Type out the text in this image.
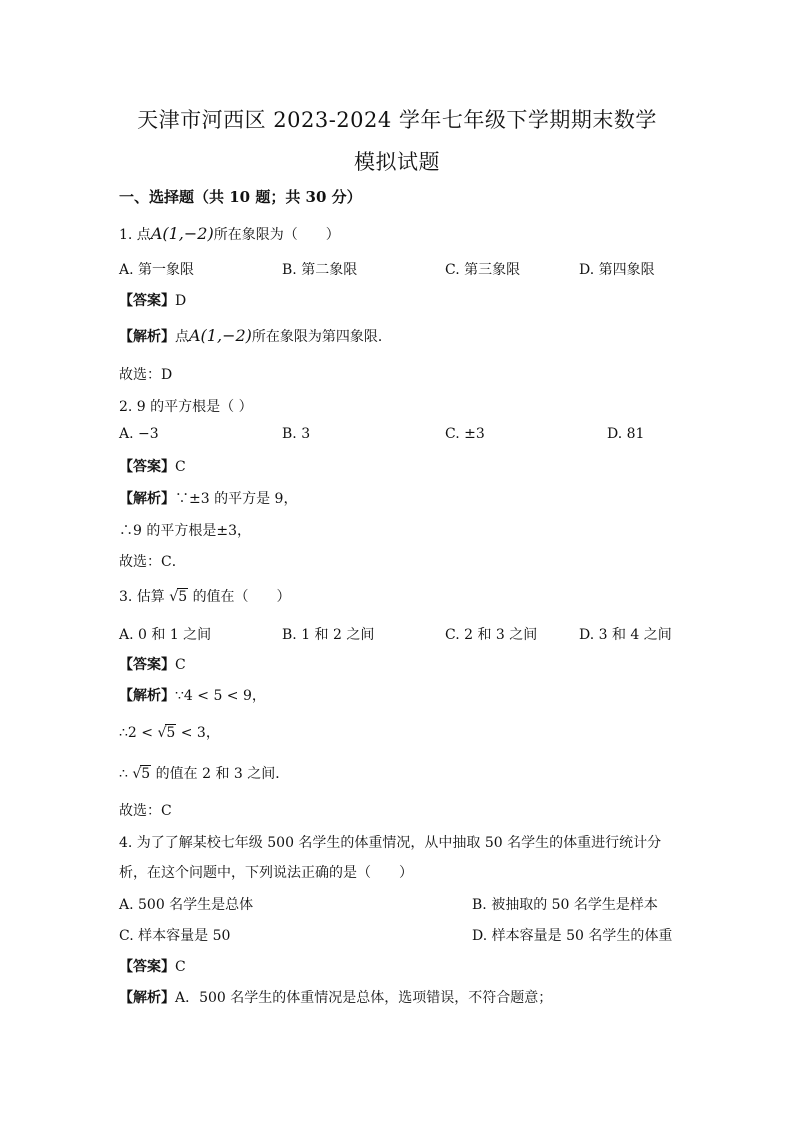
天津市河西区 2023-2024 学年七年级下学期期末数学
模拟试题
一、选择题（共 10 题；共 30 分）
1. 点A(1,−2)所在象限为（　　）
A. 第一象限	B. 第二象限	C. 第三象限	D. 第四象限
【答案】D
【解析】点A(1,−2)所在象限为第四象限．
故选：D
2. 9 的平方根是（ ）
A. −3	B. 3	C. ±3	D. 81
【答案】C
【解析】∵±3 的平方是 9，
∴9 的平方根是±3，
故选：C．
3. 估算 √5 的值在（　　）
A. 0 和 1 之间	B. 1 和 2 之间	C. 2 和 3 之间	D. 3 和 4 之间
【答案】C
【解析】∵4 < 5 < 9，
∴2 < √5 < 3，
∴ √5 的值在 2 和 3 之间．
故选：C
4. 为了了解某校七年级 500 名学生的体重情况，从中抽取 50 名学生的体重进行统计分
析，在这个问题中，下列说法正确的是（　　）
A. 500 名学生是总体	B. 被抽取的 50 名学生是样本
C. 样本容量是 50	D. 样本容量是 50 名学生的体重
【答案】C
【解析】A．500 名学生的体重情况是总体，选项错误，不符合题意；
